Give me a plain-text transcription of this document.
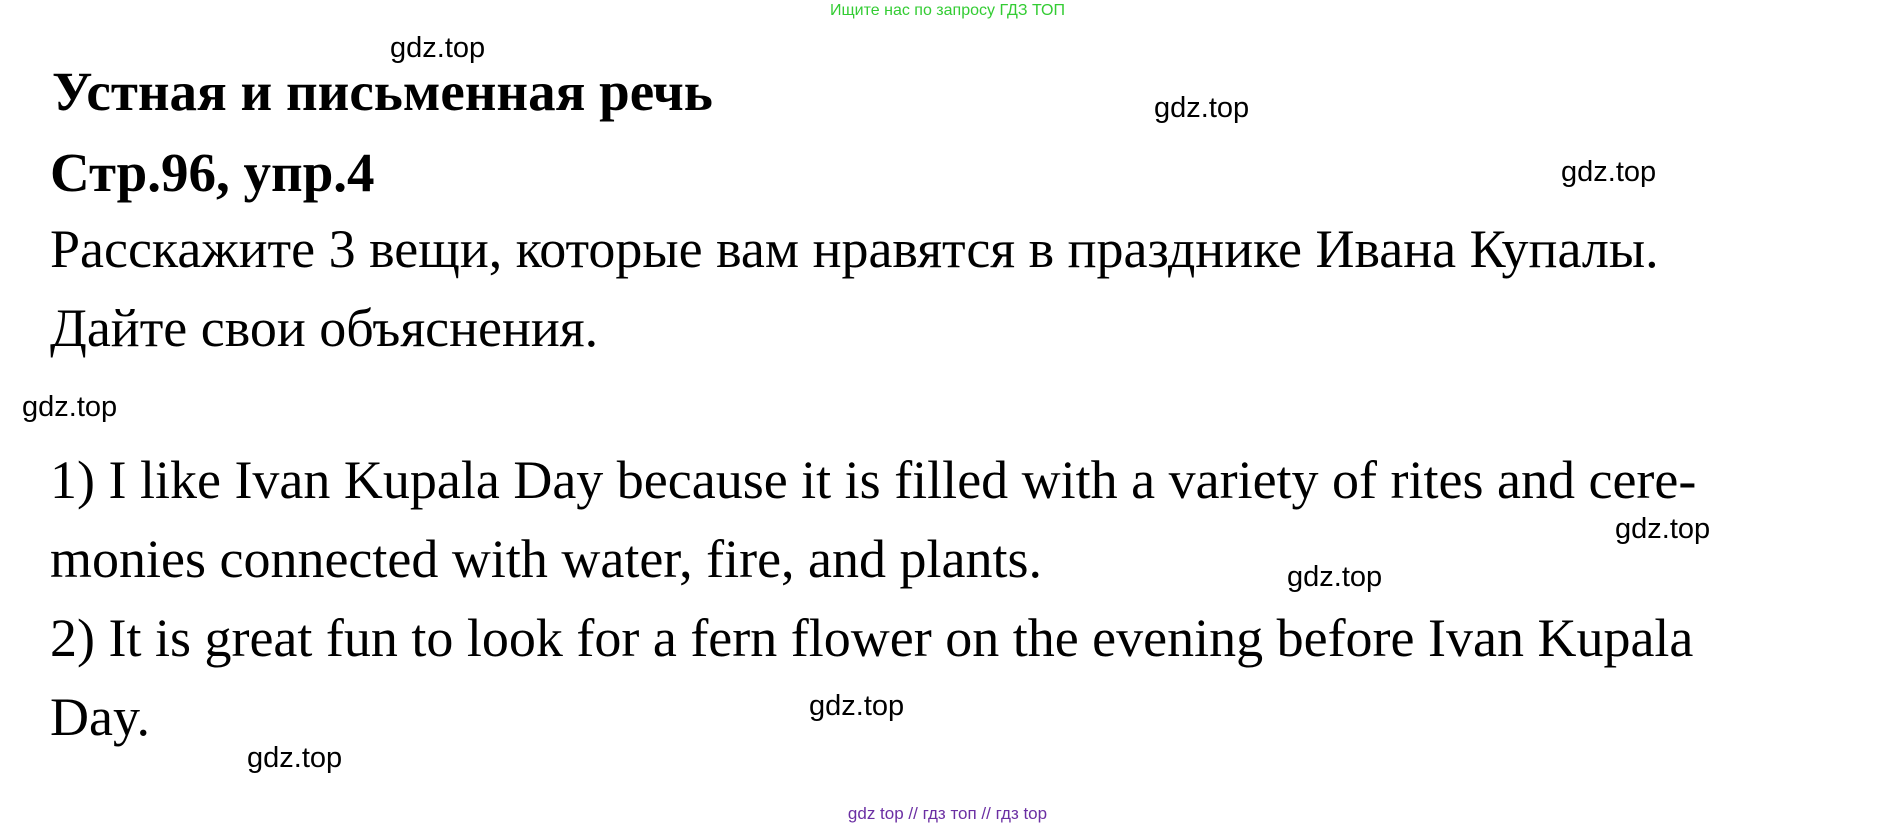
Ищите нас по запросу ГДЗ ТОП
Устная и письменная речь
Стр.96, упр.4
Расскажите 3 вещи, которые вам нравятся в празднике Ивана Купалы.
Дайте свои объяснения.
1) I like Ivan Kupala Day because it is filled with a variety of rites and cere-
monies connected with water, fire, and plants.
2) It is great fun to look for a fern flower on the evening before Ivan Kupala
Day.
gdz.top
gdz.top
gdz.top
gdz.top
gdz.top
gdz.top
gdz.top
gdz.top
gdz top // гдз топ // гдз top
